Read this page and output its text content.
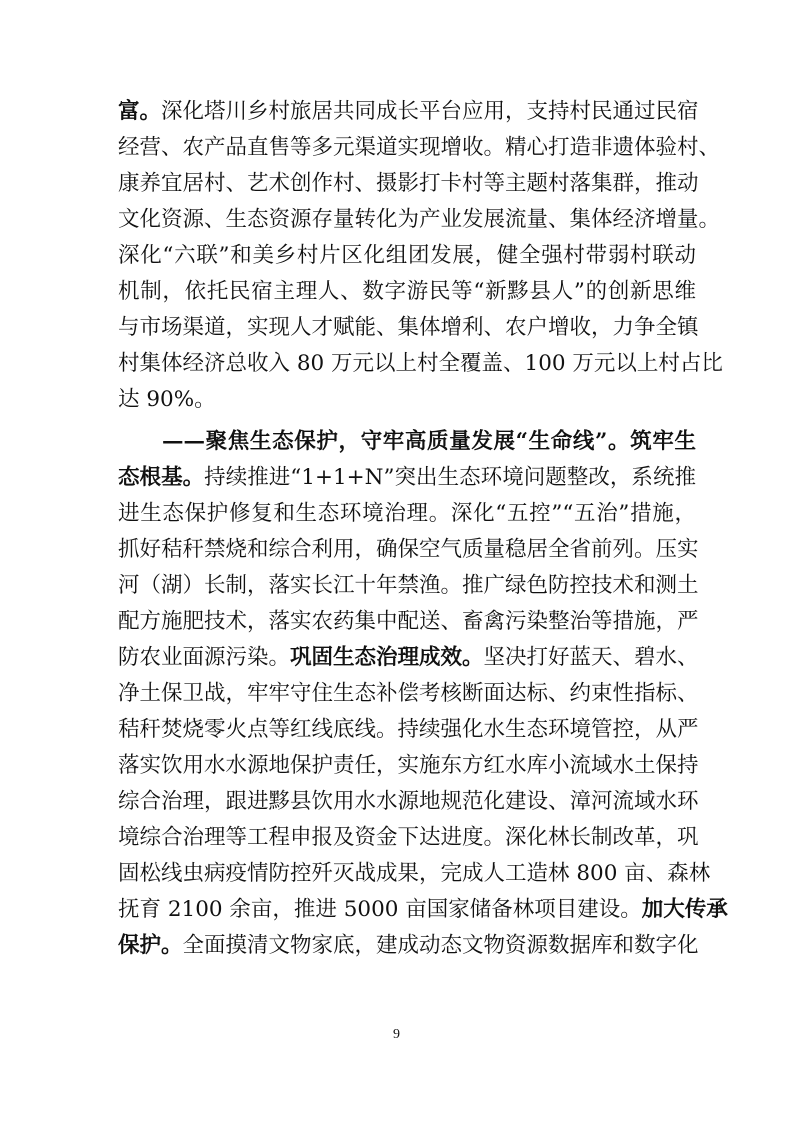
富。深化塔川乡村旅居共同成长平台应用，支持村民通过民宿
经营、农产品直售等多元渠道实现增收。精心打造非遗体验村、
康养宜居村、艺术创作村、摄影打卡村等主题村落集群，推动
文化资源、生态资源存量转化为产业发展流量、集体经济增量。
深化“六联”和美乡村片区化组团发展，健全强村带弱村联动
机制，依托民宿主理人、数字游民等“新黟县人”的创新思维
与市场渠道，实现人才赋能、集体增利、农户增收，力争全镇
村集体经济总收入 80 万元以上村全覆盖、100 万元以上村占比
达 90%。
——聚焦生态保护，守牢高质量发展“生命线”。筑牢生
态根基。持续推进“1+1+N”突出生态环境问题整改，系统推
进生态保护修复和生态环境治理。深化“五控”“五治”措施，
抓好秸秆禁烧和综合利用，确保空气质量稳居全省前列。压实
河（湖）长制，落实长江十年禁渔。推广绿色防控技术和测土
配方施肥技术，落实农药集中配送、畜禽污染整治等措施，严
防农业面源污染。巩固生态治理成效。坚决打好蓝天、碧水、
净土保卫战，牢牢守住生态补偿考核断面达标、约束性指标、
秸秆焚烧零火点等红线底线。持续强化水生态环境管控，从严
落实饮用水水源地保护责任，实施东方红水库小流域水土保持
综合治理，跟进黟县饮用水水源地规范化建设、漳河流域水环
境综合治理等工程申报及资金下达进度。深化林长制改革，巩
固松线虫病疫情防控歼灭战成果，完成人工造林 800 亩、森林
抚育 2100 余亩，推进 5000 亩国家储备林项目建设。加大传承
保护。全面摸清文物家底，建成动态文物资源数据库和数字化
9
